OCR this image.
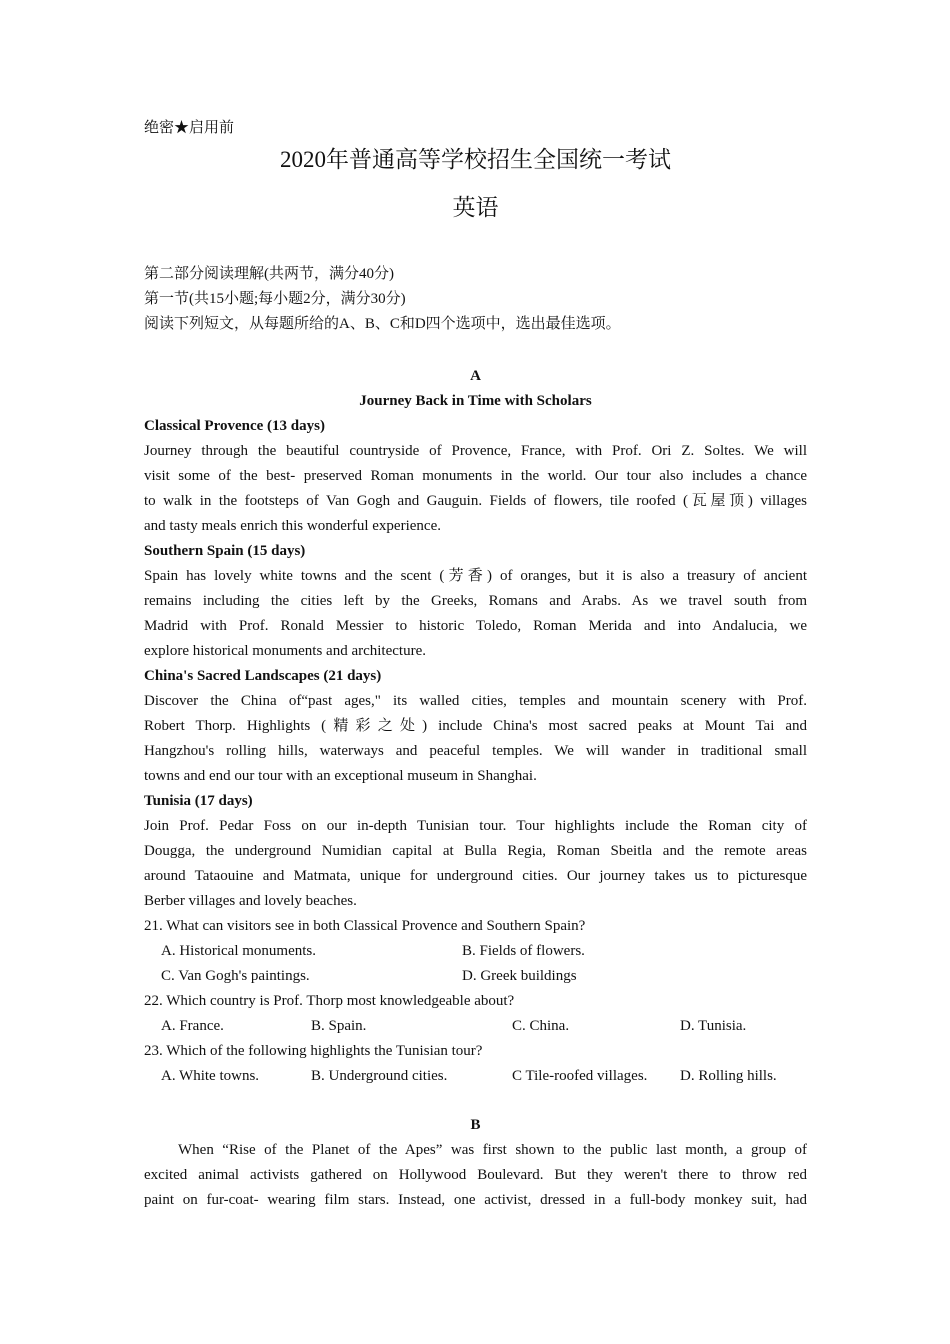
绝密★启用前
2020年普通高等学校招生全国统一考试
英语
第二部分阅读理解(共两节，满分40分)
第一节(共15小题;每小题2分，满分30分)
阅读下列短文，从每题所给的A、B、C和D四个选项中，选出最佳选项。
A
Journey Back in Time with Scholars
Classical Provence (13 days)
Journey through the beautiful countryside of Provence, France, with Prof. Ori Z. Soltes. We will
visit some of the best- preserved Roman monuments in the world. Our tour also includes a chance
to walk in the footsteps of Van Gogh and Gauguin. Fields of flowers, tile roofed (瓦屋顶) villages
and tasty meals enrich this wonderful experience.
Southern Spain (15 days)
Spain has lovely white towns and the scent (芳香) of oranges, but it is also a treasury of ancient
remains including the cities left by the Greeks, Romans and Arabs. As we travel south from
Madrid with Prof. Ronald Messier to historic Toledo, Roman Merida and into Andalucia, we
explore historical monuments and architecture.
China's Sacred Landscapes (21 days)
Discover the China of“past ages," its walled cities, temples and mountain scenery with Prof.
Robert Thorp. Highlights (精彩之处) include China's most sacred peaks at Mount Tai and
Hangzhou's rolling hills, waterways and peaceful temples. We will wander in traditional small
towns and end our tour with an exceptional museum in Shanghai.
Tunisia (17 days)
Join Prof. Pedar Foss on our in-depth Tunisian tour. Tour highlights include the Roman city of
Dougga, the underground Numidian capital at Bulla Regia, Roman Sbeitla and the remote areas
around Tataouine and Matmata, unique for underground cities. Our journey takes us to picturesque
Berber villages and lovely beaches.
21. What can visitors see in both Classical Provence and Southern Spain?
A. Historical monuments.	B. Fields of flowers.
C. Van Gogh's paintings.	D. Greek buildings
22. Which country is Prof. Thorp most knowledgeable about?
A. France.	B. Spain.	C. China.	D. Tunisia.
23. Which of the following highlights the Tunisian tour?
A. White towns.	B. Underground cities.	C Tile-roofed villages. D. Rolling hills.
B
When “Rise of the Planet of the Apes” was first shown to the public last month, a group of
excited animal activists gathered on Hollywood Boulevard. But they weren't there to throw red
paint on fur-coat- wearing film stars. Instead, one activist, dressed in a full-body monkey suit, had
